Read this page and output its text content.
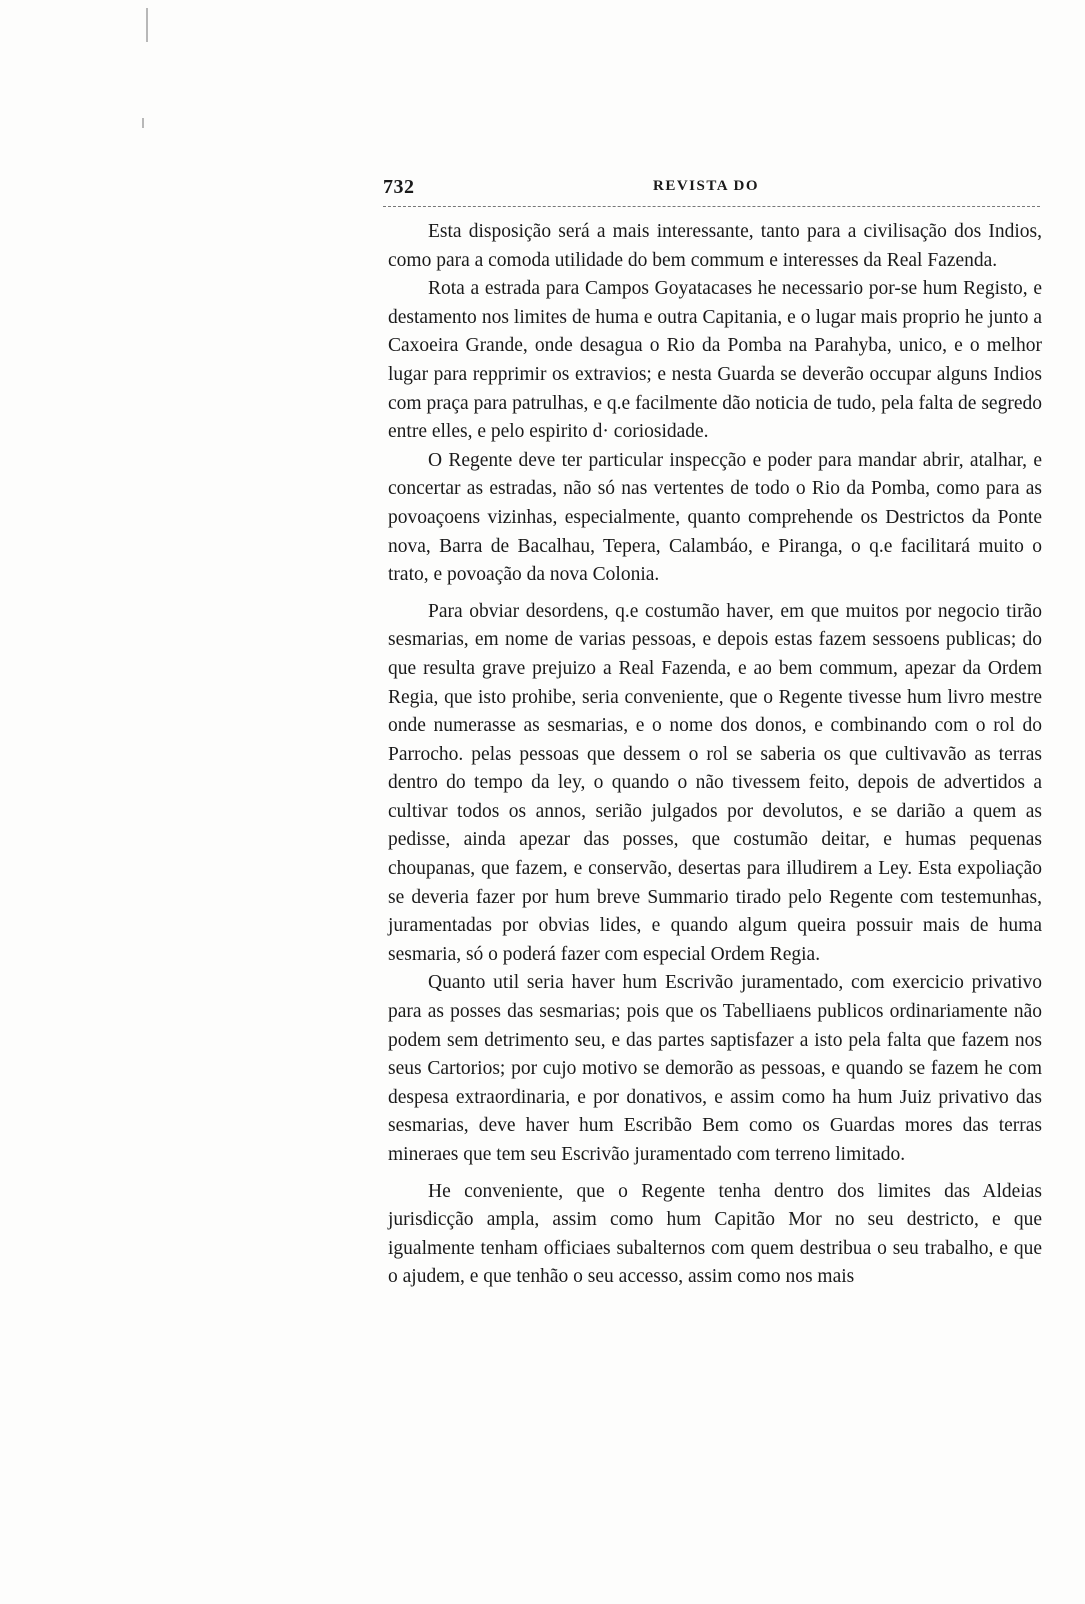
732	REVISTA DO

Esta disposição será a mais interessante, tanto para a civilisação dos Indios, como para a comoda utilidade do bem commum e interesses da Real Fazenda.

Rota a estrada para Campos Goyatacases he necessario por-se hum Registo, e destamento nos limites de huma e outra Capitania, e o lugar mais proprio he junto a Caxoeira Grande, onde desagua o Rio da Pomba na Parahyba, unico, e o melhor lugar para repprimir os extravios; e nesta Guarda se deverão occupar alguns Indios com praça para patrulhas, e q.e facilmente dão noticia de tudo, pela falta de segredo entre elles, e pelo espirito d· coriosidade.

O Regente deve ter particular inspecção e poder para mandar abrir, atalhar, e concertar as estradas, não só nas vertentes de todo o Rio da Pomba, como para as povoaçoens vizinhas, especialmente, quanto comprehende os Destrictos da Ponte nova, Barra de Bacalhau, Tepera, Calambáo, e Piranga, o q.e facilitará muito o trato, e povoação da nova Colonia.

Para obviar desordens, q.e costumão haver, em que muitos por negocio tirão sesmarias, em nome de varias pessoas, e depois estas fazem sessoens publicas; do que resulta grave prejuizo a Real Fazenda, e ao bem commum, apezar da Ordem Regia, que isto prohibe, seria conveniente, que o Regente tivesse hum livro mestre onde numerasse as sesmarias, e o nome dos donos, e combinando com o rol do Parrocho. pelas pessoas que dessem o rol se saberia os que cultivavão as terras dentro do tempo da ley, o quando o não tivessem feito, depois de advertidos a cultivar todos os annos, serião julgados por devolutos, e se darião a quem as pedisse, ainda apezar das posses, que costumão deitar, e humas pequenas choupanas, que fazem, e conservão, desertas para illudirem a Ley. Esta expoliação se deveria fazer por hum breve Summario tirado pelo Regente com testemunhas, juramentadas por obvias lides, e quando algum queira possuir mais de huma sesmaria, só o poderá fazer com especial Ordem Regia.

Quanto util seria haver hum Escrivão juramentado, com exercicio privativo para as posses das sesmarias; pois que os Tabelliaens publicos ordinariamente não podem sem detrimento seu, e das partes saptisfazer a isto pela falta que fazem nos seus Cartorios; por cujo motivo se demorão as pessoas, e quando se fazem he com despesa extraordinaria, e por donativos, e assim como ha hum Juiz privativo das sesmarias, deve haver hum Escribão Bem como os Guardas mores das terras mineraes que tem seu Escrivão juramentado com terreno limitado.

He conveniente, que o Regente tenha dentro dos limites das Aldeias jurisdicção ampla, assim como hum Capitão Mor no seu destricto, e que igualmente tenham officiaes subalternos com quem destribua o seu trabalho, e que o ajudem, e que tenhão o seu accesso, assim como nos mais
